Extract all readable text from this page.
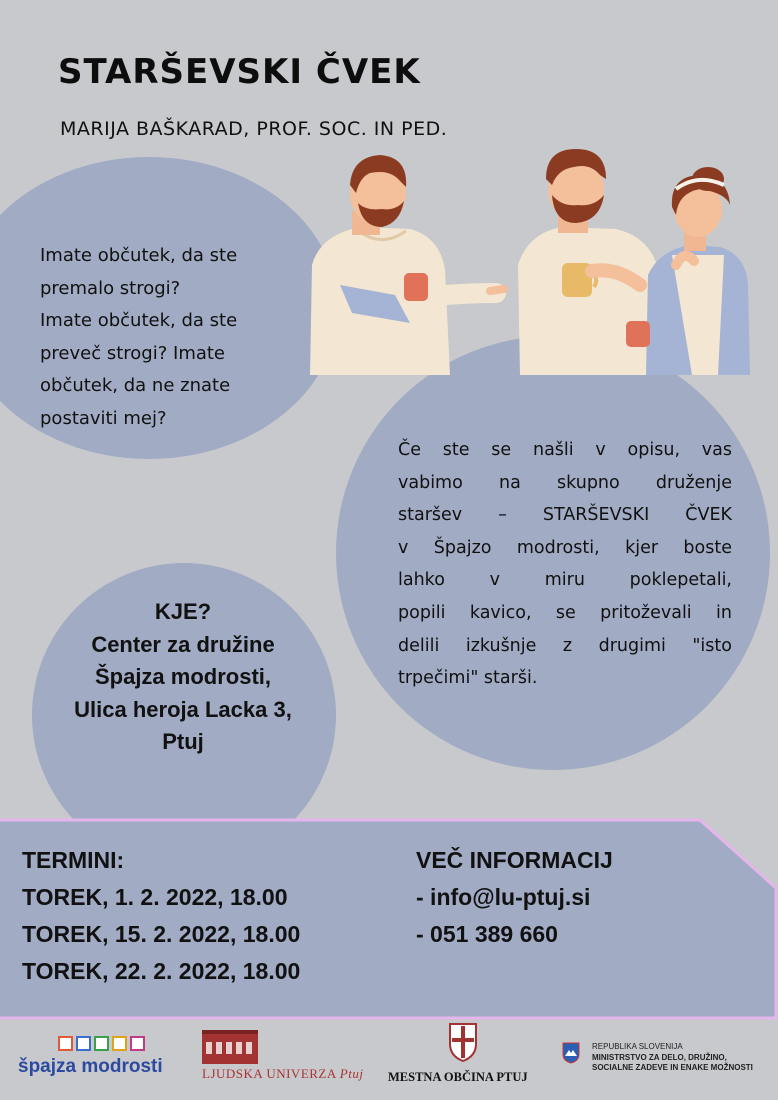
STARŠEVSKI ČVEK

MARIJA BAŠKARAD, PROF. SOC. IN PED.

Imate občutek, da ste
premalo strogi?
Imate občutek, da ste
preveč strogi? Imate
občutek, da ne znate
postaviti mej?
Če ste se našli v opisu, vas
vabimo na skupno druženje
staršev – STARŠEVSKI ČVEK
v Špajzo modrosti, kjer boste
lahko v miru poklepetali,
popili kavico, se pritoževali in
delili izkušnje z drugimi "isto
trpečimi" starši.
KJE?
Center za družine
Špajza modrosti,
Ulica heroja Lacka 3,
Ptuj
TERMINI:
TOREK, 1. 2. 2022, 18.00
TOREK, 15. 2. 2022, 18.00
TOREK, 22. 2. 2022, 18.00
VEČ INFORMACIJ
- info@lu-ptuj.si
- 051 389 660
špajza modrosti	LJUDSKA UNIVERZA Ptuj MESTNA OBČINA PTUJ
REPUBLIKA SLOVENIJA
MINISTRSTVO ZA DELO, DRUŽINO,
SOCIALNE ZADEVE IN ENAKE MOŽNOSTI
